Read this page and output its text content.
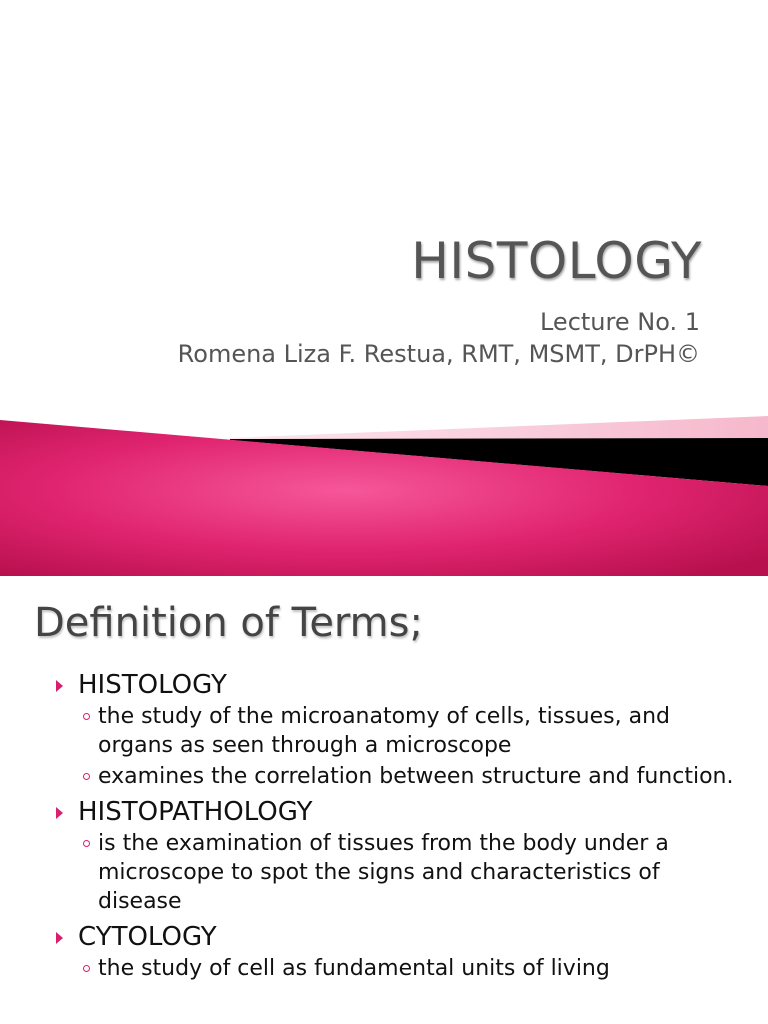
HISTOLOGY
Lecture No. 1
Romena Liza F. Restua, RMT, MSMT, DrPH©
Definition of Terms;
HISTOLOGY
the study of the microanatomy of cells, tissues, and organs as seen through a microscope
examines the correlation between structure and function.
HISTOPATHOLOGY
is the examination of tissues from the body under a microscope to spot the signs and characteristics of disease
CYTOLOGY
the study of cell as fundamental units of living
